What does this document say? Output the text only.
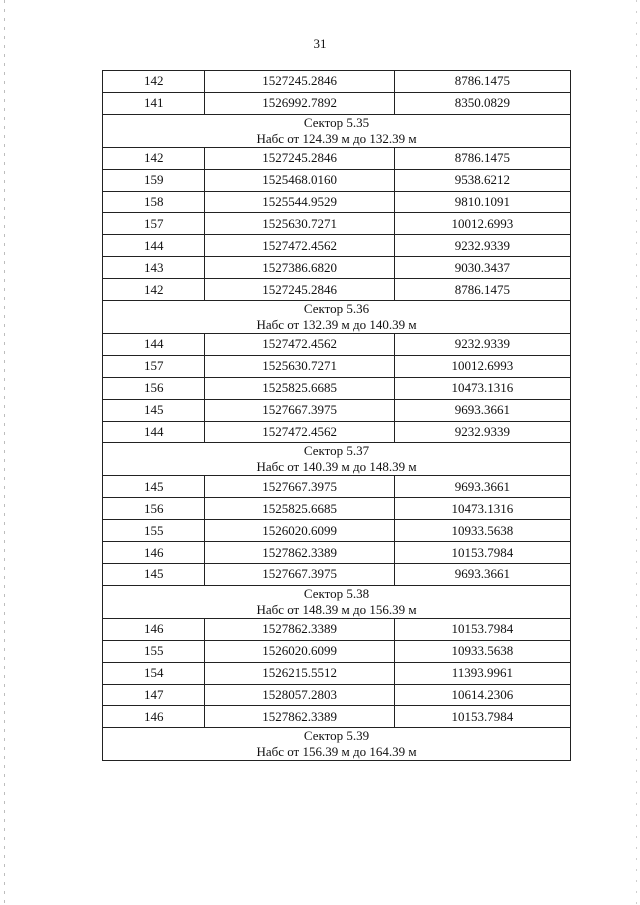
31
142	1527245.2846	8786.1475
141	1526992.7892	8350.0829

Сектор 5.35
Набс от 124.39 м до 132.39 м		

142	1527245.2846	8786.1475
159	1525468.0160	9538.6212
158	1525544.9529	9810.1091
157	1525630.7271	10012.6993
144	1527472.4562	9232.9339
143	1527386.6820	9030.3437
142	1527245.2846	8786.1475

Сектор 5.36
Набс от 132.39 м до 140.39 м		

144	1527472.4562	9232.9339
157	1525630.7271	10012.6993
156	1525825.6685	10473.1316
145	1527667.3975	9693.3661
144	1527472.4562	9232.9339

Сектор 5.37
Набс от 140.39 м до 148.39 м		

145	1527667.3975	9693.3661
156	1525825.6685	10473.1316
155	1526020.6099	10933.5638
146	1527862.3389	10153.7984
145	1527667.3975	9693.3661

Сектор 5.38
Набс от 148.39 м до 156.39 м		

146	1527862.3389	10153.7984
155	1526020.6099	10933.5638
154	1526215.5512	11393.9961
147	1528057.2803	10614.2306
146	1527862.3389	10153.7984

Сектор 5.39
Набс от 156.39 м до 164.39 м		
